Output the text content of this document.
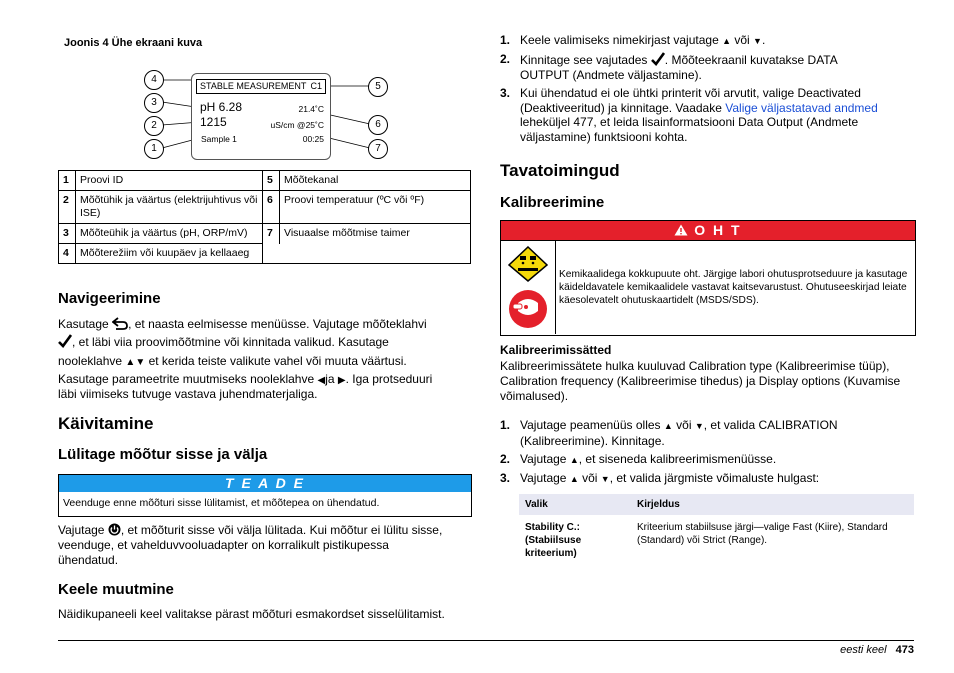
Joonis 4 Ühe ekraani kuva
STABLE MEASUREMENT C1
pH 6.28	21.4˚C
1215	uS/cm @25˚C
Sample 1	00:25
4
3
2
1
5
6
7
1	Proovi ID	5	Mõõtekanal
2	Mõõtühik ja väärtus (elektrijuhtivus või ISE)	6	Proovi temperatuur (ºC või ºF)
3	Mõõteühik ja väärtus (pH, ORP/mV)	7	Visuaalse mõõtmise taimer
4	Mõõterežiim või kuupäev ja kellaaeg		
Navigeerimine
Kasutage , et naasta eelmisesse menüüsse. Vajutage mõõteklahvi
, et läbi viia proovimõõtmine või kinnitada valikud. Kasutage
nooleklahve ▲▼ et kerida teiste valikute vahel või muuta väärtusi.
Kasutage parameetrite muutmiseks nooleklahve ◀ja ▶. Iga protseduuri
läbi viimiseks tutvuge vastava juhendmaterjaliga.
Käivitamine
Lülitage mõõtur sisse ja välja
T E A D E
Veenduge enne mõõturi sisse lülitamist, et mõõtepea on ühendatud.
Vajutage , et mõõturit sisse või välja lülitada. Kui mõõtur ei lülitu sisse,
veenduge, et vahelduvvooluadapter on korralikult pistikupessa
ühendatud.
Keele muutmine
Näidikupaneeli keel valitakse pärast mõõturi esmakordset sisselülitamist.
1. Keele valimiseks nimekirjast vajutage ▲ või ▼.
2. Kinnitage see vajutades . Mõõteekraanil kuvatakse DATA
OUTPUT (Andmete väljastamine).
3. Kui ühendatud ei ole ühtki printerit või arvutit, valige Deactivated
(Deaktiveeritud) ja kinnitage. Vaadake Valige väljastatavad andmed
leheküljel 477, et leida lisainformatsiooni Data Output (Andmete
väljastamine) funktsiooni kohta.
Tavatoimingud
Kalibreerimine
O H T
Kemikaalidega kokkupuute oht. Järgige labori ohutusprotseduure ja kasutage käideldavatele kemikaalidele vastavat kaitsevarustust. Ohutuseeskirjad leiate käesolevatelt ohutuskaartidelt (MSDS/SDS).
Kalibreerimissätted
Kalibreerimissätete hulka kuuluvad Calibration type (Kalibreerimise tüüp), Calibration frequency (Kalibreerimise tihedus) ja Display options (Kuvamise võimalused).
1. Vajutage peamenüüs olles ▲ või ▼, et valida CALIBRATION
(Kalibreerimine). Kinnitage.
2. Vajutage ▲, et siseneda kalibreerimismenüüsse.
3. Vajutage ▲ või ▼, et valida järgmiste võimaluste hulgast:
Valik	Kirjeldus
Stability C.: (Stabiilsuse kriteerium)	Kriteerium stabiilsuse järgi—valige Fast (Kiire), Standard (Standard) või Strict (Range).
eesti keel 473
